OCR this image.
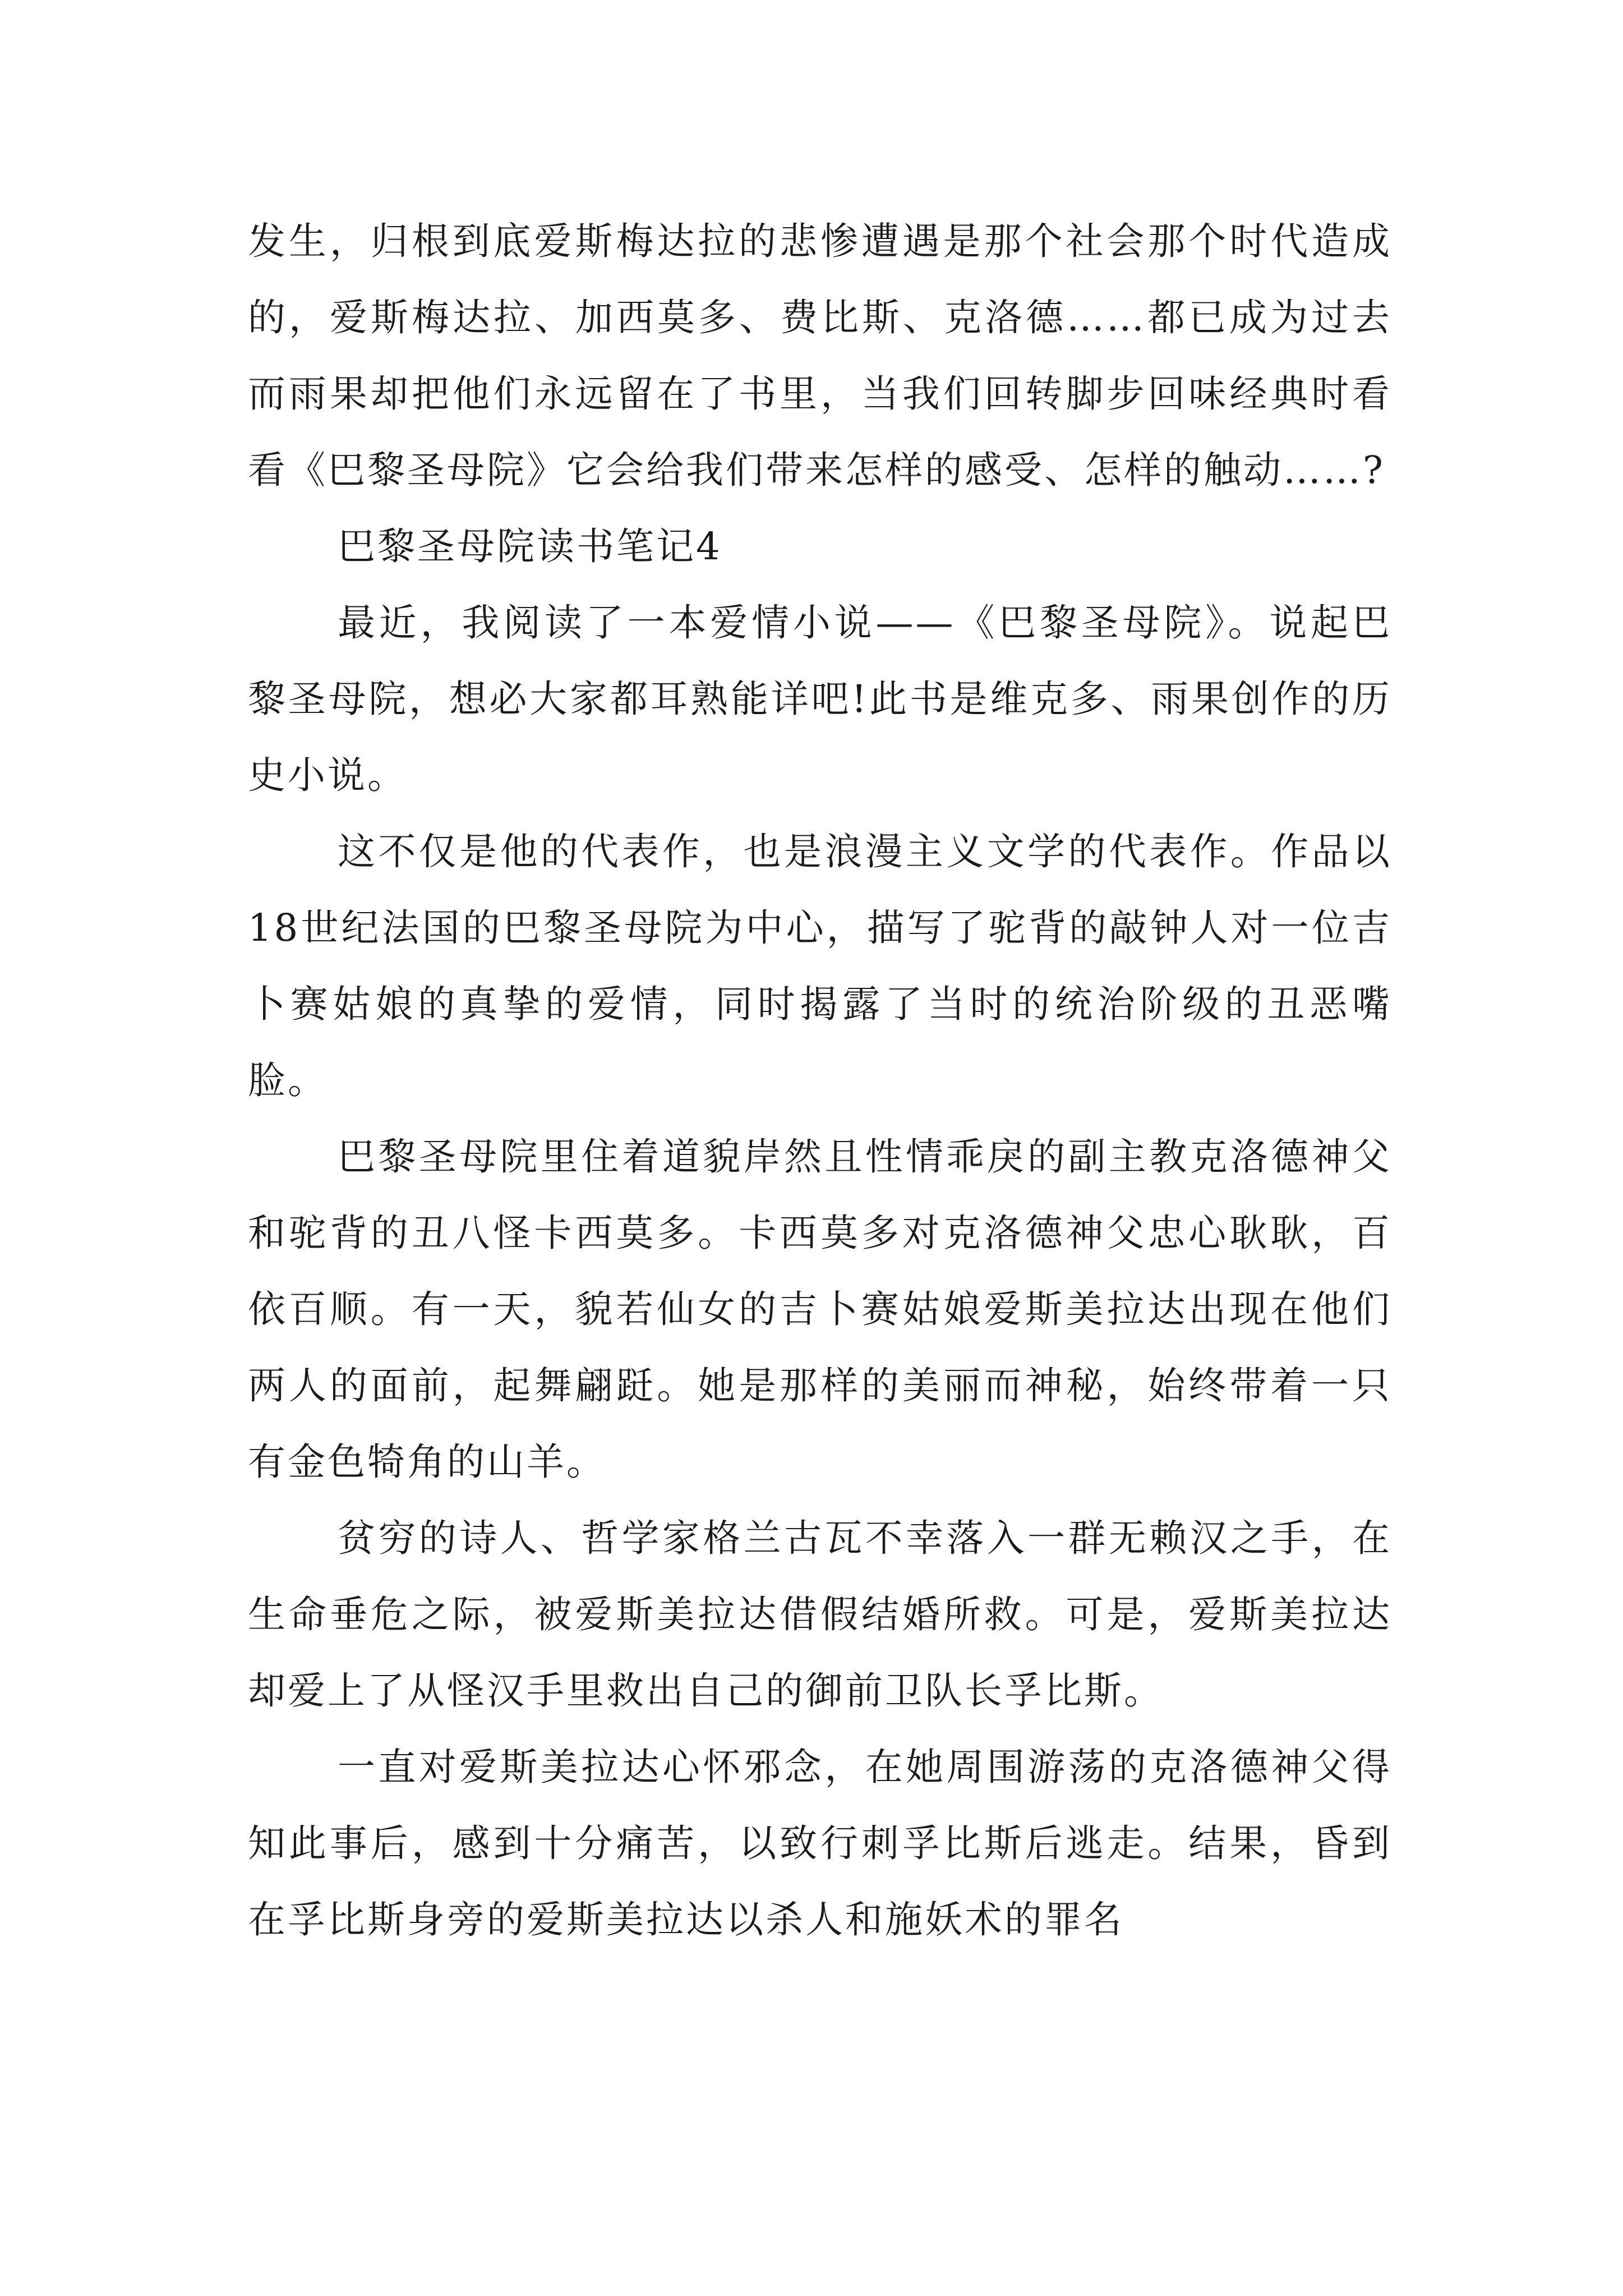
发生，归根到底爱斯梅达拉的悲惨遭遇是那个社会那个时代造成的，爱斯梅达拉、加西莫多、费比斯、克洛德……都已成为过去而雨果却把他们永远留在了书里，当我们回转脚步回味经典时看看《巴黎圣母院》它会给我们带来怎样的感受、怎样的触动……?

巴黎圣母院读书笔记4

最近，我阅读了一本爱情小说——《巴黎圣母院》。说起巴黎圣母院，想必大家都耳熟能详吧!此书是维克多、雨果创作的历史小说。

这不仅是他的代表作，也是浪漫主义文学的代表作。作品以18世纪法国的巴黎圣母院为中心，描写了驼背的敲钟人对一位吉卜赛姑娘的真挚的爱情，同时揭露了当时的统治阶级的丑恶嘴脸。

巴黎圣母院里住着道貌岸然且性情乖戾的副主教克洛德神父和驼背的丑八怪卡西莫多。卡西莫多对克洛德神父忠心耿耿，百依百顺。有一天，貌若仙女的吉卜赛姑娘爱斯美拉达出现在他们两人的面前，起舞翩跹。她是那样的美丽而神秘，始终带着一只有金色犄角的山羊。

贫穷的诗人、哲学家格兰古瓦不幸落入一群无赖汉之手，在生命垂危之际，被爱斯美拉达借假结婚所救。可是，爱斯美拉达却爱上了从怪汉手里救出自己的御前卫队长孚比斯。

一直对爱斯美拉达心怀邪念，在她周围游荡的克洛德神父得知此事后，感到十分痛苦，以致行刺孚比斯后逃走。结果，昏到在孚比斯身旁的爱斯美拉达以杀人和施妖术的罪名
